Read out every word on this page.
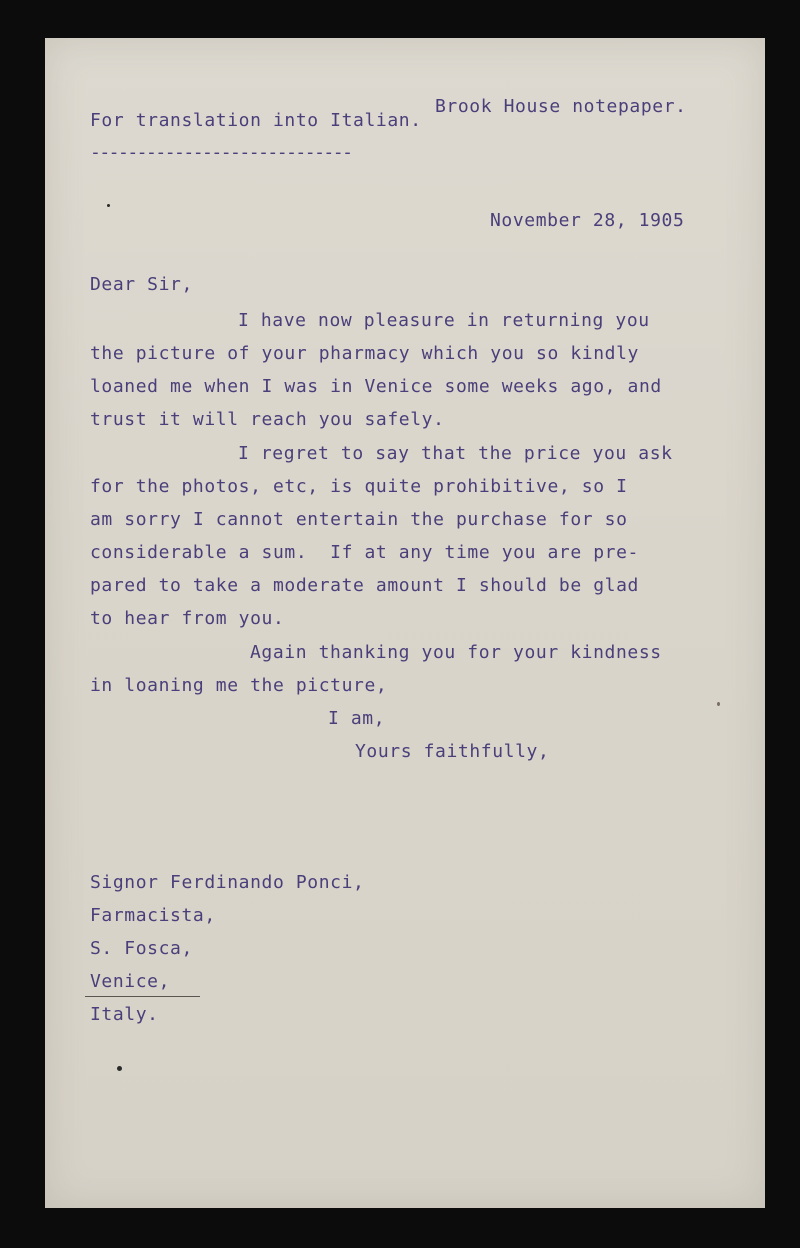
Brook House notepaper.

For translation into Italian.

----------------------------

November 28, 1905

Dear Sir,

I have now pleasure in returning you

the picture of your pharmacy which you so kindly

loaned me when I was in Venice some weeks ago, and

trust it will reach you safely.

I regret to say that the price you ask

for the photos, etc, is quite prohibitive, so I

am sorry I cannot entertain the purchase for so

considerable a sum.  If at any time you are pre-

pared to take a moderate amount I should be glad

to hear from you.

Again thanking you for your kindness

in loaning me the picture,

I am,

Yours faithfully,

Signor Ferdinando Ponci,

Farmacista,

S. Fosca,

Venice,

Italy.
